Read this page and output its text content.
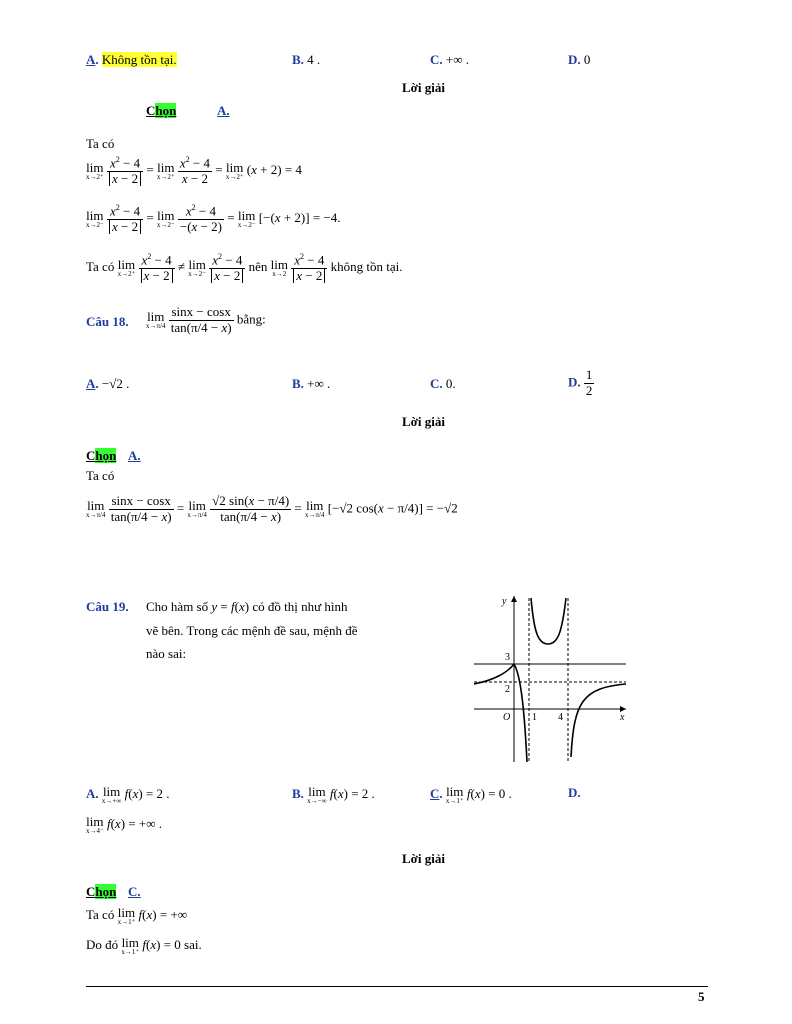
A. Không tồn tại.	B. 4 .	C. +∞ .	D. 0
Lời giải
Chọn	A.
Ta có
lim
x→2⁺
$\frac{x^2 - 4}{x - 2} = \lim$
x→2⁺
$\frac{x^2 - 4}{x - 2} = \lim$
x→2⁺
(x + 2) = 4
lim
x→2⁻
$\frac{x^2 - 4}{x - 2} = \lim$
x→2⁻
$\frac{x^2 - 4}{-(x - 2)} = \lim$
x→2⁻
[−(x + 2)] = −4.
Ta có lim
x→2⁺
$\frac{x^2 - 4}{x - 2} \ne \lim$
x→2⁻
$\frac{x^2 - 4}{x - 2}$ nên lim
x→2
$\frac{x^2 - 4}{x - 2}$ không tồn tại.
Câu 18. lim
x→π/4
$\frac{\sin x - \cos x}{\tan(\pi/4 - x)}$ bằng:
A. −√2 .	B. +∞ .	C. 0.	D. $\frac{1}{2}$
Lời giải
Chọn A.
Ta có
lim
x→π/4
$\frac{\sin x - \cos x}{\tan(\pi/4 - x)} = \lim$
x→π/4
$\frac{√2 \sin(x - \pi/4)}{\tan(\pi/4 - x)} = \lim$
x→π/4
[−√2 cos(x − π/4)] = −√2
Câu 19. Cho hàm số y = f(x) có đồ thị như hình
vẽ bên. Trong các mệnh đề sau, mệnh đề
nào sai:
y
x
O
3
2
1 4
A. lim
x→+∞
f(x) = 2 .	B. lim
x→−∞
f(x) = 2 .	C. lim
x→1⁺
f(x) = 0 .	D.
lim
x→4⁻
f(x) = +∞ .
Lời giải
Chọn C.
Ta có lim
x→1⁺
f(x) = +∞
Do đó lim
x→1⁺
f(x) = 0 sai.
5
